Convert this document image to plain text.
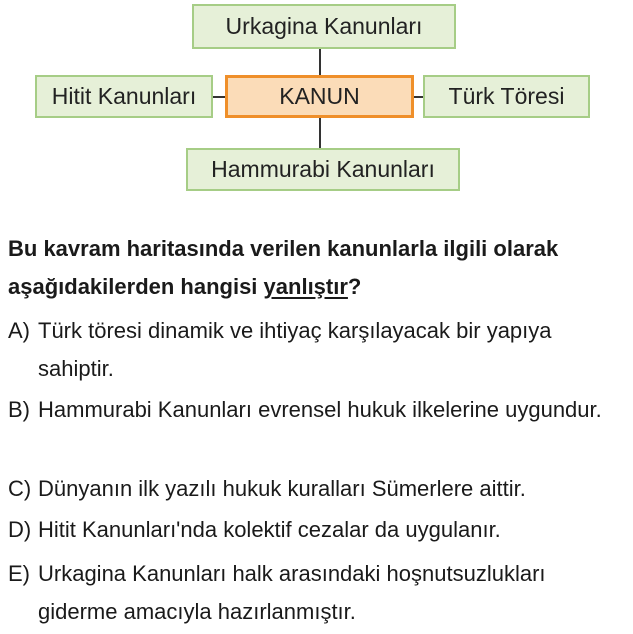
Urkagina Kanunları
Hitit Kanunları	KANUN	Türk Töresi
Hammurabi Kanunları
Bu kavram haritasında verilen kanunlarla ilgili olarak aşağıdakilerden hangisi yanlıştır?
A) Türk töresi dinamik ve ihtiyaç karşılayacak bir yapıya sahiptir.
B) Hammurabi Kanunları evrensel hukuk ilkelerine uygundur.
C) Dünyanın ilk yazılı hukuk kuralları Sümerlere aittir.
D) Hitit Kanunları'nda kolektif cezalar da uygulanır.
E) Urkagina Kanunları halk arasındaki hoşnutsuzlukları giderme amacıyla hazırlanmıştır.
